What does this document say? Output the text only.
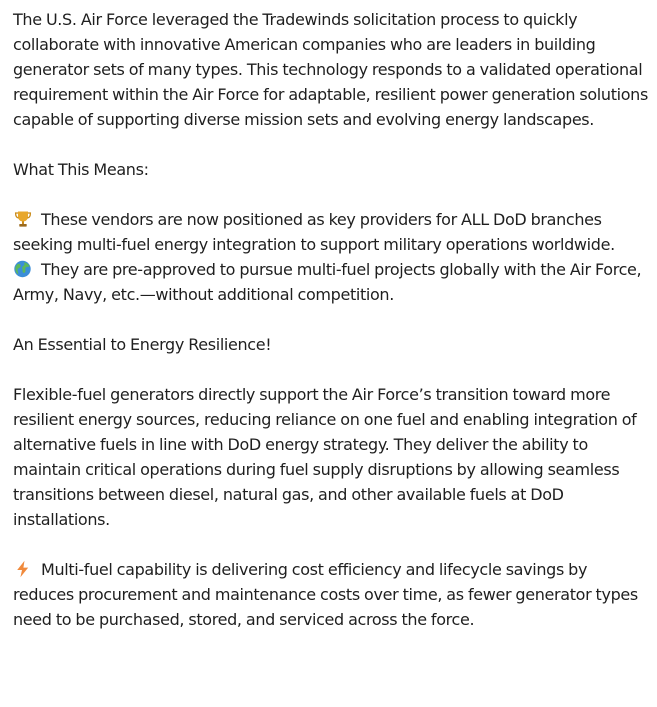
The U.S. Air Force leveraged the Tradewinds solicitation process to quickly collaborate with innovative American companies who are leaders in building generator sets of many types. This technology responds to a validated operational requirement within the Air Force for adaptable, resilient power generation solutions capable of supporting diverse mission sets and evolving energy landscapes.

What This Means:

These vendors are now positioned as key providers for ALL DoD branches seeking multi-fuel energy integration to support military operations worldwide.

They are pre-approved to pursue multi-fuel projects globally with the Air Force, Army, Navy, etc.—without additional competition.

An Essential to Energy Resilience!

Flexible-fuel generators directly support the Air Force’s transition toward more resilient energy sources, reducing reliance on one fuel and enabling integration of alternative fuels in line with DoD energy strategy. They deliver the ability to maintain critical operations during fuel supply disruptions by allowing seamless transitions between diesel, natural gas, and other available fuels at DoD installations.

Multi-fuel capability is delivering cost efficiency and lifecycle savings by reduces procurement and maintenance costs over time, as fewer generator types need to be purchased, stored, and serviced across the force.
